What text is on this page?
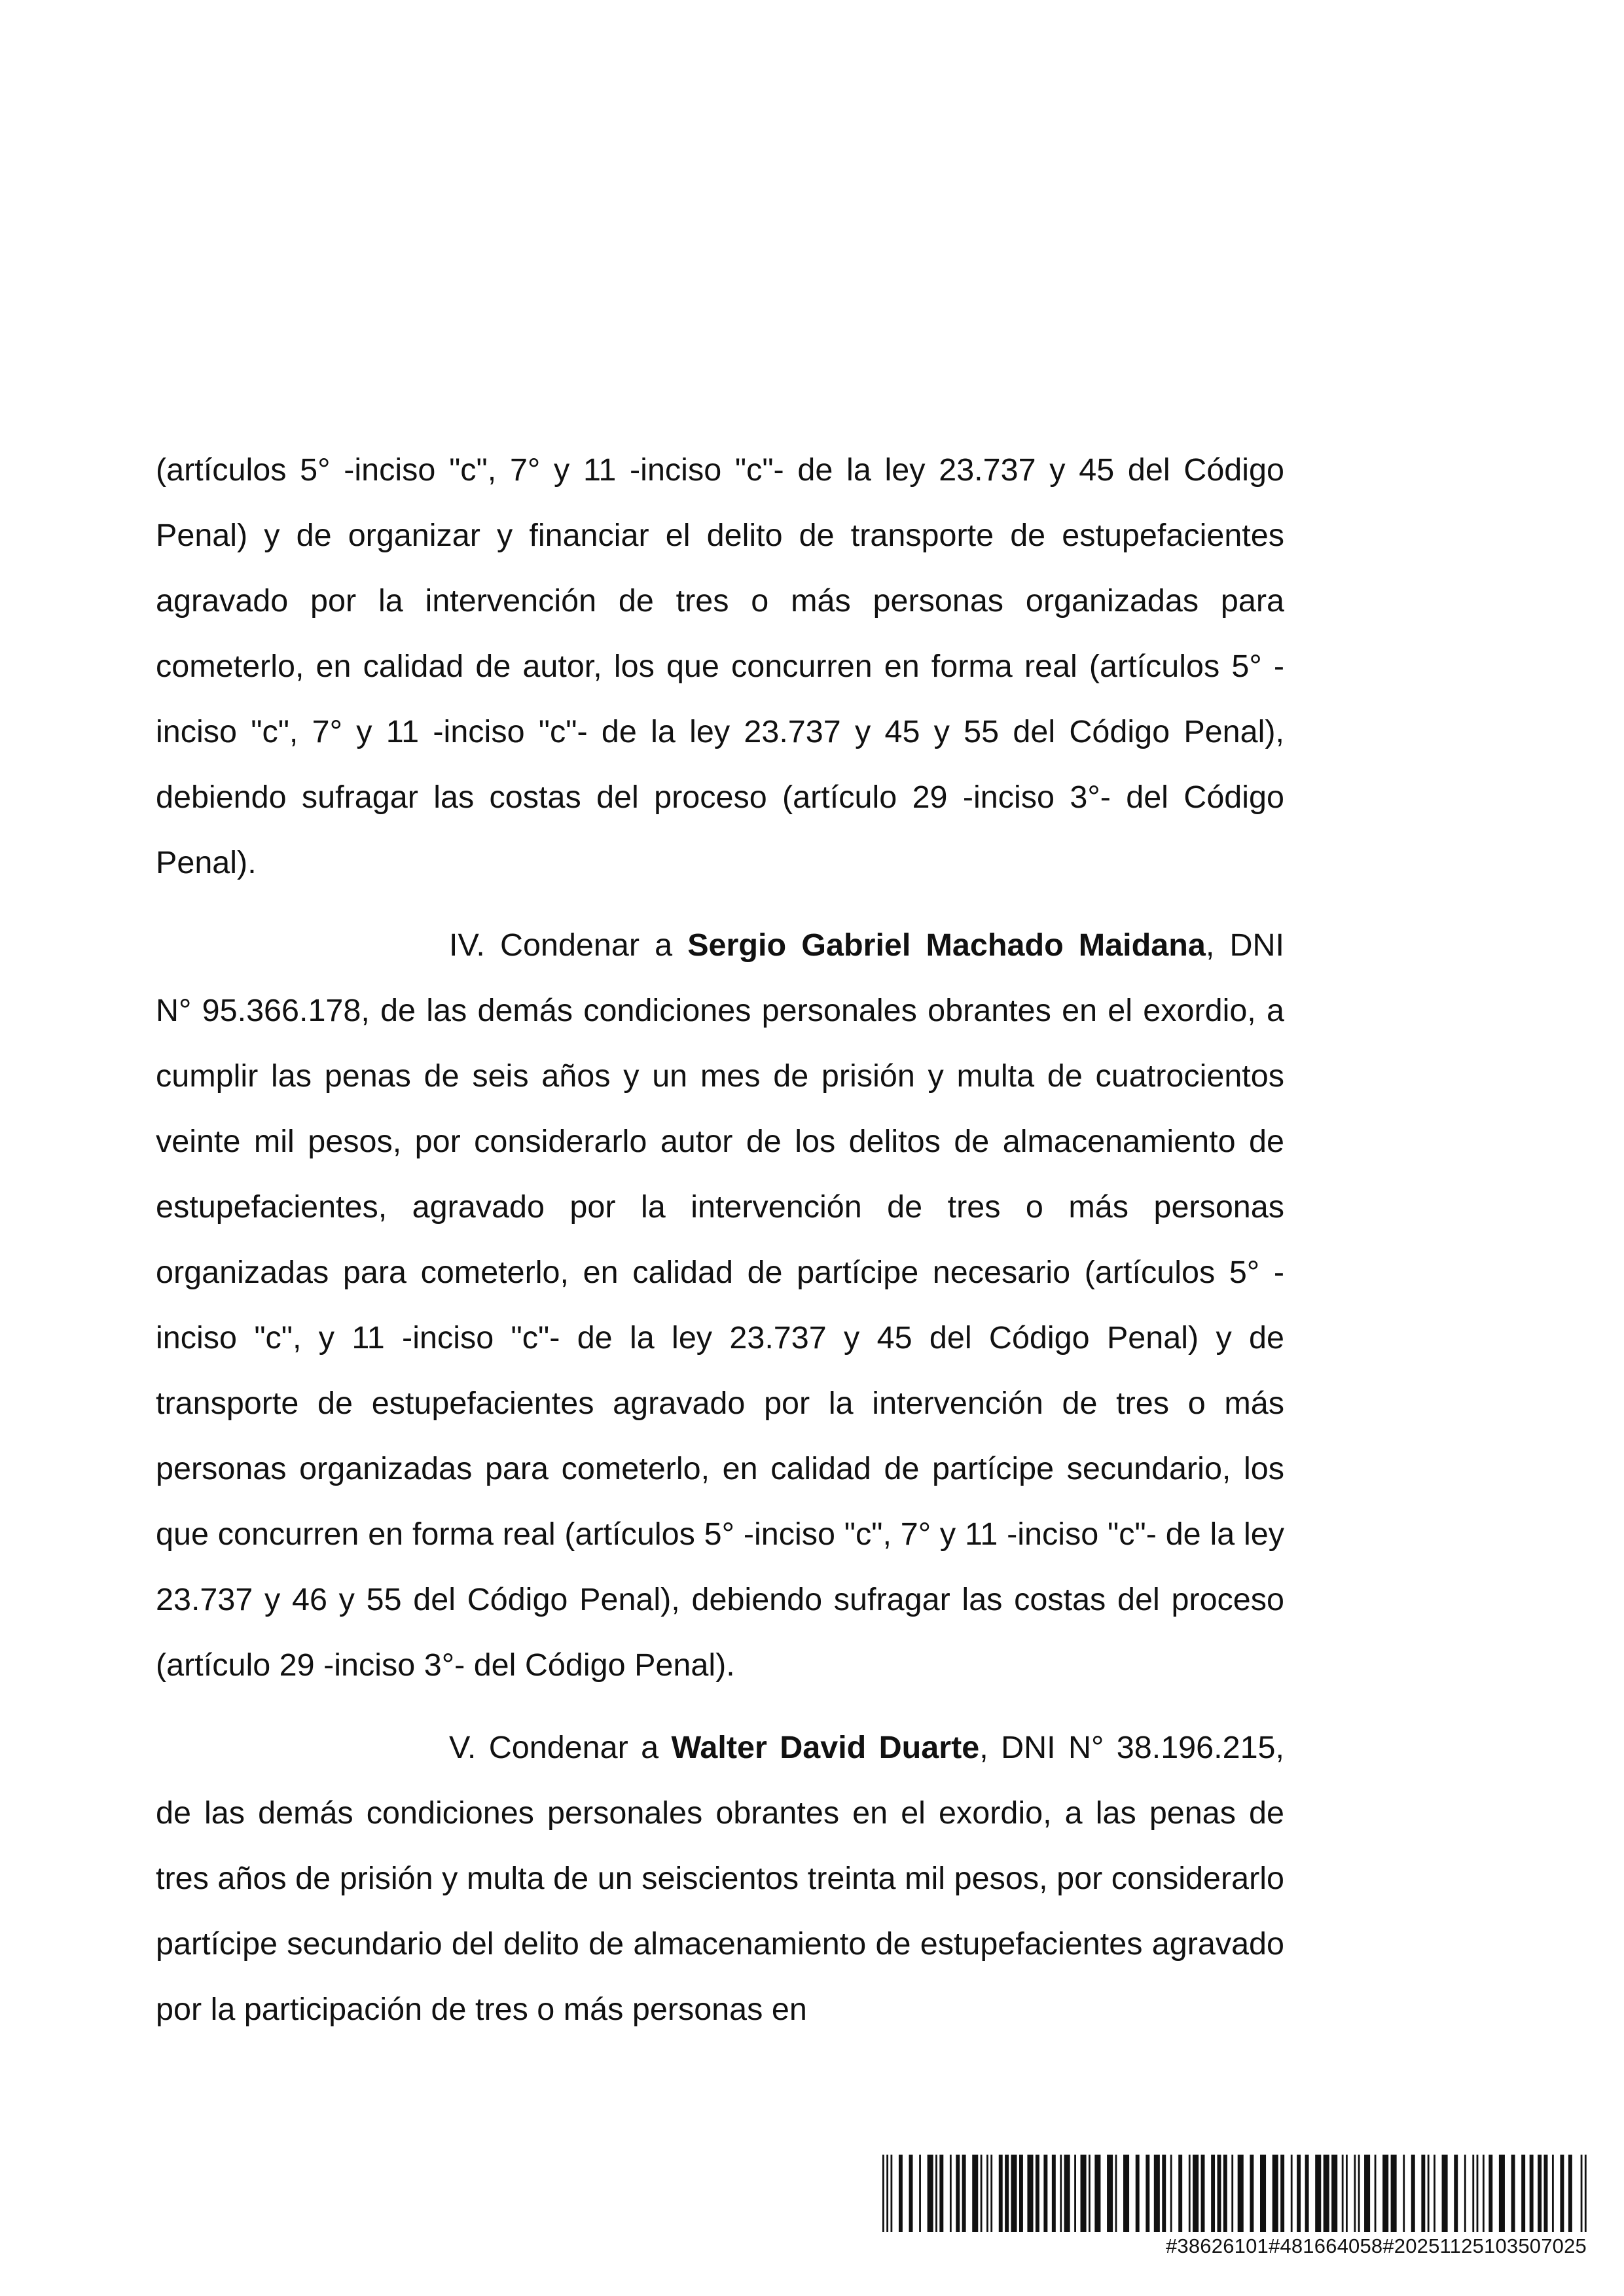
(artículos 5° -inciso "c", 7° y 11 -inciso "c"- de la ley 23.737 y 45 del Código Penal) y de organizar y financiar el delito de transporte de estupefacientes agravado por la intervención de tres o más personas organizadas para cometerlo, en calidad de autor, los que concurren en forma real (artículos 5° -inciso "c", 7° y 11 -inciso "c"- de la ley 23.737 y 45 y 55 del Código Penal), debiendo sufragar las costas del proceso (artículo 29 -inciso 3°- del Código Penal).

IV. Condenar a Sergio Gabriel Machado Maidana, DNI N° 95.366.178, de las demás condiciones personales obrantes en el exordio, a cumplir las penas de seis años y un mes de prisión y multa de cuatrocientos veinte mil pesos, por considerarlo autor de los delitos de almacenamiento de estupefacientes, agravado por la intervención de tres o más personas organizadas para cometerlo, en calidad de partícipe necesario (artículos 5° -inciso "c", y 11 -inciso "c"- de la ley 23.737 y 45 del Código Penal) y de transporte de estupefacientes agravado por la intervención de tres o más personas organizadas para cometerlo, en calidad de partícipe secundario, los que concurren en forma real (artículos 5° -inciso "c", 7° y 11 -inciso "c"- de la ley 23.737 y 46 y 55 del Código Penal), debiendo sufragar las costas del proceso (artículo 29 -inciso 3°- del Código Penal).

V. Condenar a Walter David Duarte, DNI N° 38.196.215, de las demás condiciones personales obrantes en el exordio, a las penas de tres años de prisión y multa de un seiscientos treinta mil pesos, por considerarlo partícipe secundario del delito de almacenamiento de estupefacientes agravado por la participación de tres o más personas en

#38626101#481664058#20251125103507025
